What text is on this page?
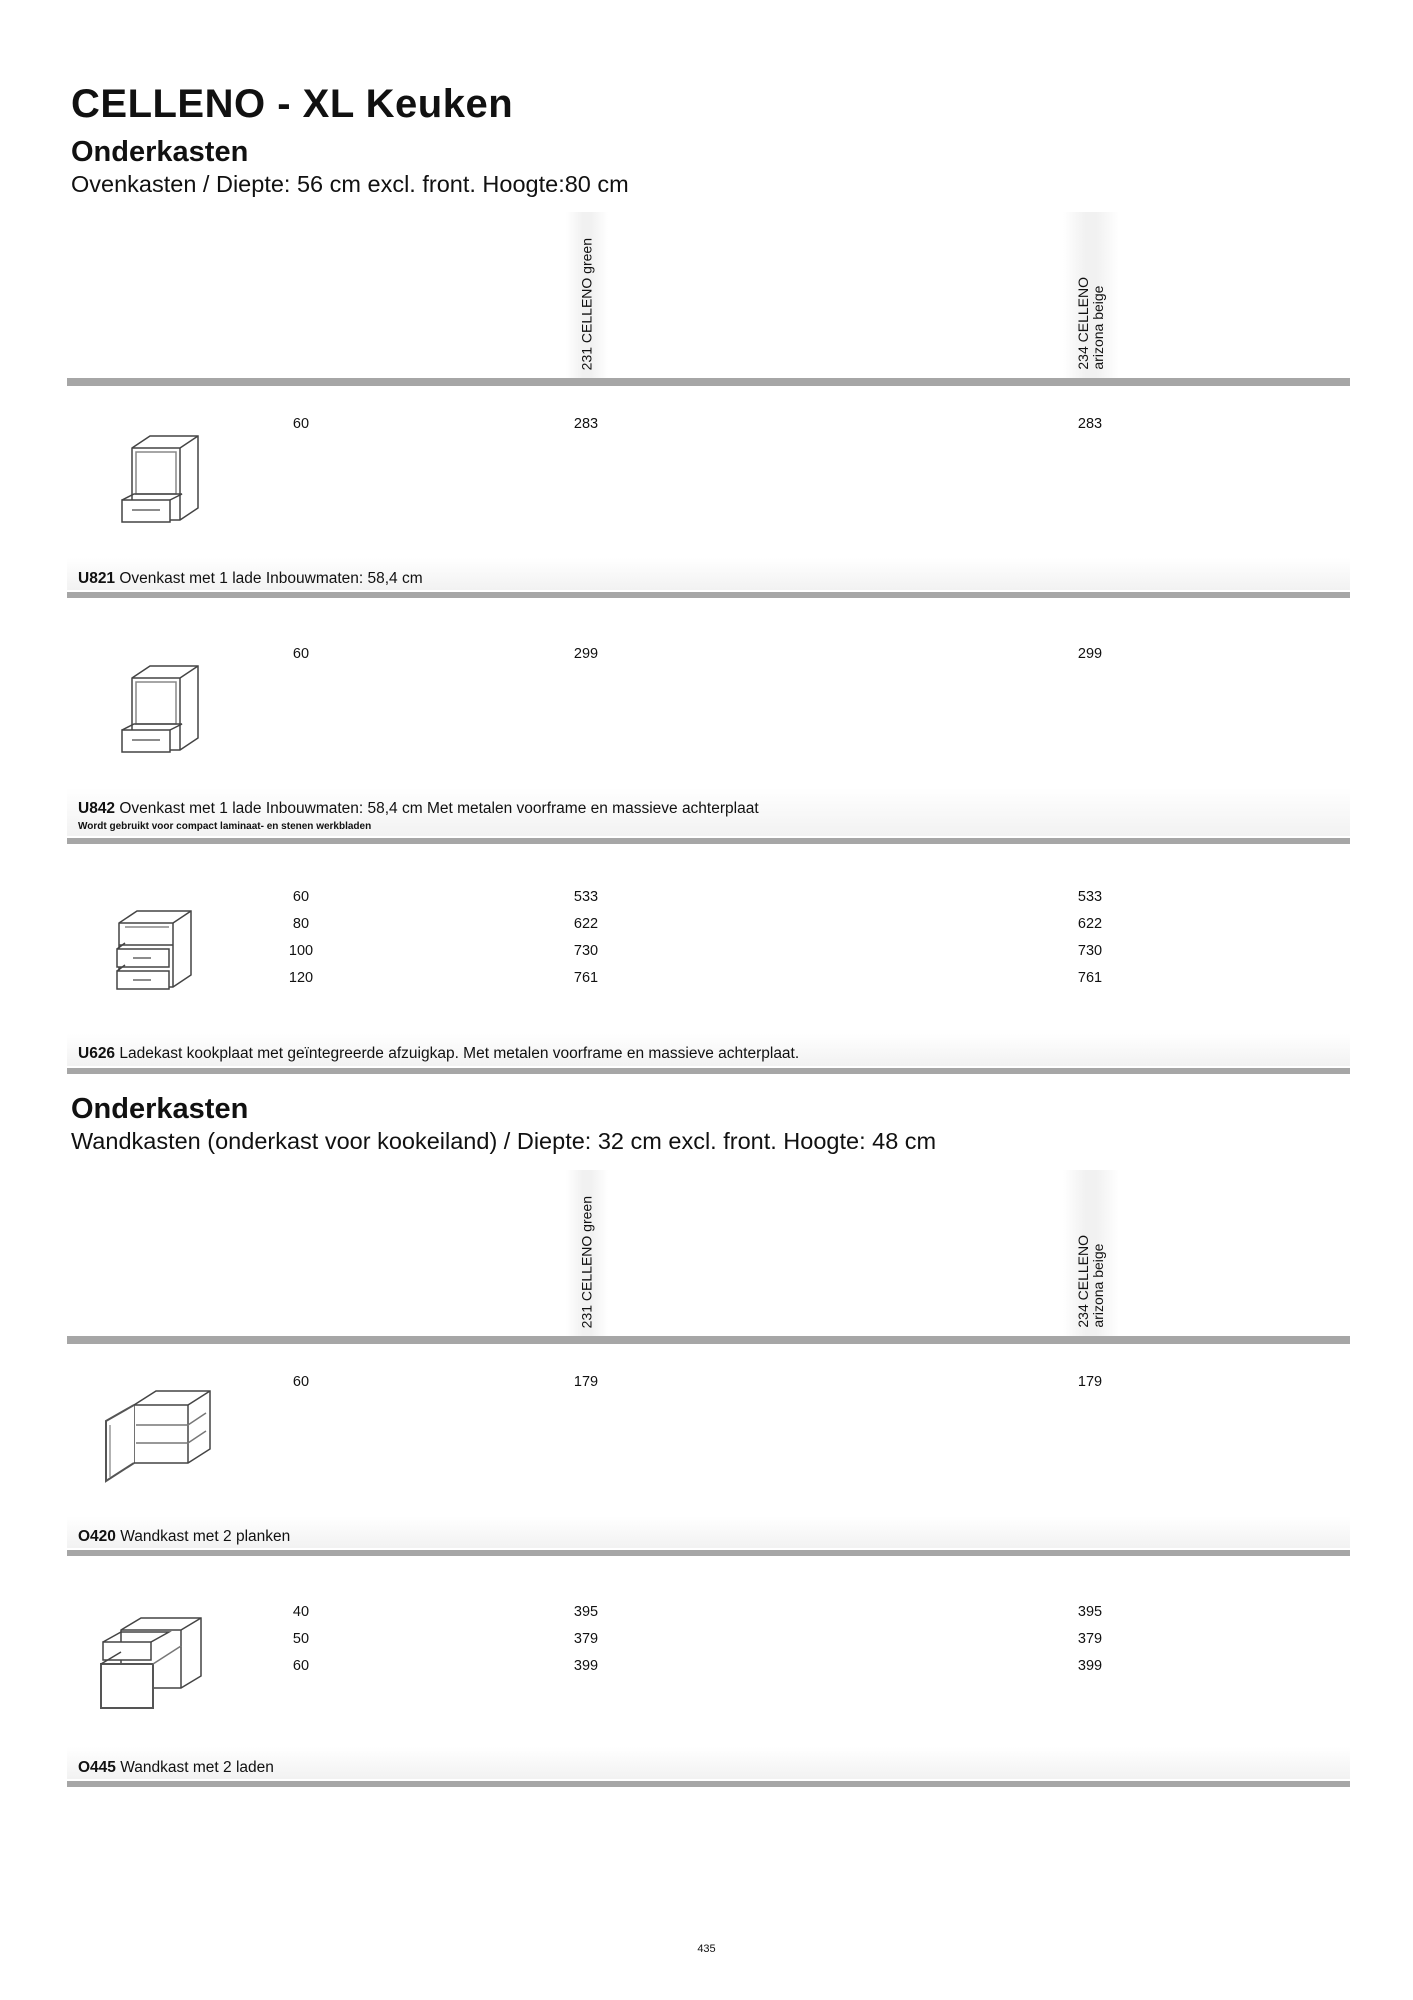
CELLENO - XL Keuken
Onderkasten
Ovenkasten / Diepte: 56 cm excl. front. Hoogte:80 cm
231 CELLENO green	234 CELLENO
arizona beige
60	283	283
U821 Ovenkast met 1 lade Inbouwmaten: 58,4 cm
60	299	299
U842 Ovenkast met 1 lade Inbouwmaten: 58,4 cm Met metalen voorframe en massieve achterplaat
Wordt gebruikt voor compact laminaat- en stenen werkbladen
60	533	533
80	622	622
100	730	730
120	761	761
U626 Ladekast kookplaat met geïntegreerde afzuigkap. Met metalen voorframe en massieve achterplaat.
Onderkasten
Wandkasten (onderkast voor kookeiland) / Diepte: 32 cm excl. front. Hoogte: 48 cm
231 CELLENO green	234 CELLENO
arizona beige
60	179	179
O420 Wandkast met 2 planken
40	395	395
50	379	379
60	399	399
O445 Wandkast met 2 laden
435
